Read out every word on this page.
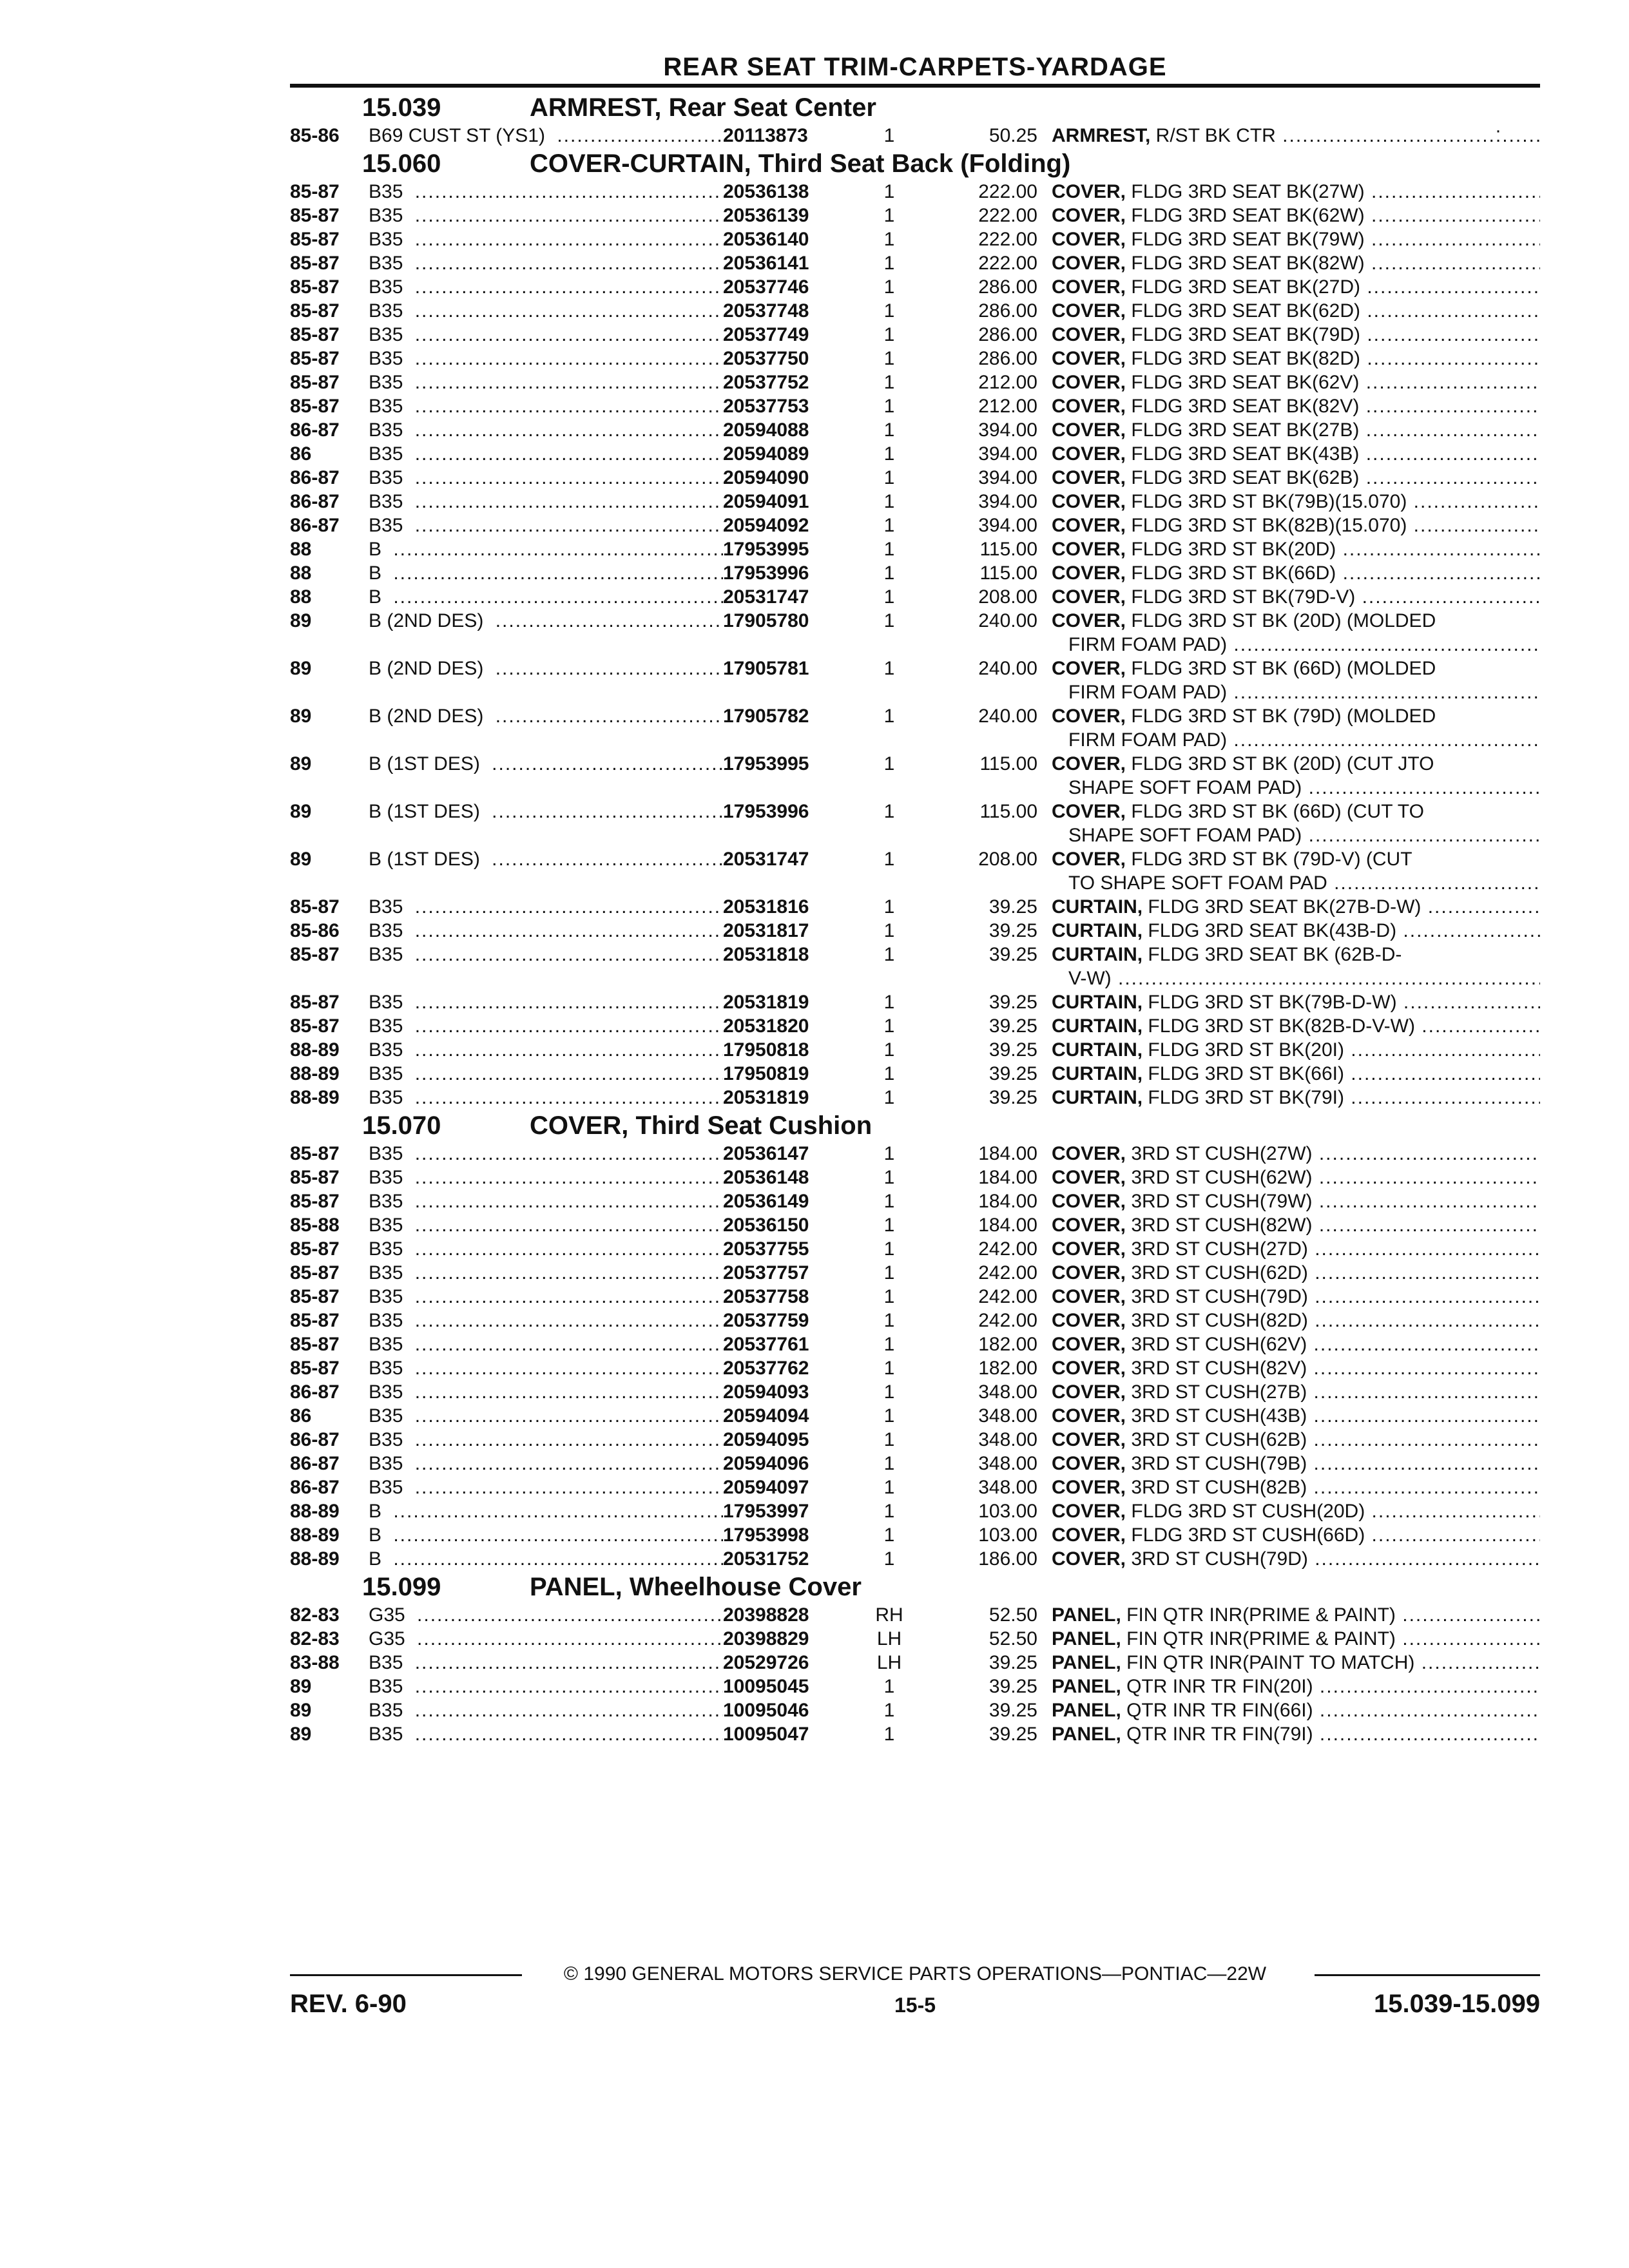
REAR SEAT TRIM-CARPETS-YARDAGE
15.039	ARMREST, Rear Seat Center
85-86	B69 CUST ST (YS1) .....	20113873	1	50.25 ARMREST, R/ST BK CTR .....
15.060	COVER-CURTAIN, Third Seat Back (Folding)
85-87	B35 .....	20536138	1	222.00 COVER, FLDG 3RD SEAT BK(27W) .....
85-87	B35 .....	20536139	1	222.00 COVER, FLDG 3RD SEAT BK(62W) .....
85-87	B35 .....	20536140	1	222.00 COVER, FLDG 3RD SEAT BK(79W) .....
85-87	B35 .....	20536141	1	222.00 COVER, FLDG 3RD SEAT BK(82W) .....
85-87	B35 .....	20537746	1	286.00 COVER, FLDG 3RD SEAT BK(27D) .....
85-87	B35 .....	20537748	1	286.00 COVER, FLDG 3RD SEAT BK(62D) .....
85-87	B35 .....	20537749	1	286.00 COVER, FLDG 3RD SEAT BK(79D) .....
85-87	B35 .....	20537750	1	286.00 COVER, FLDG 3RD SEAT BK(82D) .....
85-87	B35 .....	20537752	1	212.00 COVER, FLDG 3RD SEAT BK(62V) .....
85-87	B35 .....	20537753	1	212.00 COVER, FLDG 3RD SEAT BK(82V) .....
86-87	B35 .....	20594088	1	394.00 COVER, FLDG 3RD SEAT BK(27B) .....
86	B35 .....	20594089	1	394.00 COVER, FLDG 3RD SEAT BK(43B) .....
86-87	B35 .....	20594090	1	394.00 COVER, FLDG 3RD SEAT BK(62B) .....
86-87	B35 .....	20594091	1	394.00 COVER, FLDG 3RD ST BK(79B)(15.070) .....
86-87	B35 .....	20594092	1	394.00 COVER, FLDG 3RD ST BK(82B)(15.070) .....
88	B .....	17953995	1	115.00 COVER, FLDG 3RD ST BK(20D) .....
88	B .....	17953996	1	115.00 COVER, FLDG 3RD ST BK(66D) .....
88	B .....	20531747	1	208.00 COVER, FLDG 3RD ST BK(79D-V) .....
89	B (2ND DES) .....	17905780	1	240.00 COVER, FLDG 3RD ST BK (20D) (MOLDED
FIRM FOAM PAD) .....
89	B (2ND DES) .....	17905781	1	240.00 COVER, FLDG 3RD ST BK (66D) (MOLDED
FIRM FOAM PAD) .....
89	B (2ND DES) .....	17905782	1	240.00 COVER, FLDG 3RD ST BK (79D) (MOLDED
FIRM FOAM PAD) .....
89	B (1ST DES) .....	17953995	1	115.00 COVER, FLDG 3RD ST BK (20D) (CUT JTO
SHAPE SOFT FOAM PAD) .....
89	B (1ST DES) .....	17953996	1	115.00 COVER, FLDG 3RD ST BK (66D) (CUT TO
SHAPE SOFT FOAM PAD) .....
89	B (1ST DES) .....	20531747	1	208.00 COVER, FLDG 3RD ST BK (79D-V) (CUT
TO SHAPE SOFT FOAM PAD .....
85-87	B35 .....	20531816	1	39.25 CURTAIN, FLDG 3RD SEAT BK(27B-D-W) .....
85-86	B35 .....	20531817	1	39.25 CURTAIN, FLDG 3RD SEAT BK(43B-D) .....
85-87	B35 .....	20531818	1	39.25 CURTAIN, FLDG 3RD SEAT BK (62B-D-
V-W) .....
85-87	B35 .....	20531819	1	39.25 CURTAIN, FLDG 3RD ST BK(79B-D-W) .....
85-87	B35 .....	20531820	1	39.25 CURTAIN, FLDG 3RD ST BK(82B-D-V-W) .....
88-89	B35 .....	17950818	1	39.25 CURTAIN, FLDG 3RD ST BK(20I) .....
88-89	B35 .....	17950819	1	39.25 CURTAIN, FLDG 3RD ST BK(66I) .....
88-89	B35 .....	20531819	1	39.25 CURTAIN, FLDG 3RD ST BK(79I) .....
15.070	COVER, Third Seat Cushion
85-87	B35 .....	20536147	1	184.00 COVER, 3RD ST CUSH(27W) .....
85-87	B35 .....	20536148	1	184.00 COVER, 3RD ST CUSH(62W) .....
85-87	B35 .....	20536149	1	184.00 COVER, 3RD ST CUSH(79W) .....
85-88	B35 .....	20536150	1	184.00 COVER, 3RD ST CUSH(82W) .....
85-87	B35 .....	20537755	1	242.00 COVER, 3RD ST CUSH(27D) .....
85-87	B35 .....	20537757	1	242.00 COVER, 3RD ST CUSH(62D) .....
85-87	B35 .....	20537758	1	242.00 COVER, 3RD ST CUSH(79D) .....
85-87	B35 .....	20537759	1	242.00 COVER, 3RD ST CUSH(82D) .....
85-87	B35 .....	20537761	1	182.00 COVER, 3RD ST CUSH(62V) .....
85-87	B35 .....	20537762	1	182.00 COVER, 3RD ST CUSH(82V) .....
86-87	B35 .....	20594093	1	348.00 COVER, 3RD ST CUSH(27B) .....
86	B35 .....	20594094	1	348.00 COVER, 3RD ST CUSH(43B) .....
86-87	B35 .....	20594095	1	348.00 COVER, 3RD ST CUSH(62B) .....
86-87	B35 .....	20594096	1	348.00 COVER, 3RD ST CUSH(79B) .....
86-87	B35 .....	20594097	1	348.00 COVER, 3RD ST CUSH(82B) .....
88-89	B .....	17953997	1	103.00 COVER, FLDG 3RD ST CUSH(20D) .....
88-89	B .....	17953998	1	103.00 COVER, FLDG 3RD ST CUSH(66D) .....
88-89	B .....	20531752	1	186.00 COVER, 3RD ST CUSH(79D) .....
15.099	PANEL, Wheelhouse Cover
82-83	G35 .....	20398828	RH	52.50 PANEL, FIN QTR INR(PRIME & PAINT) .....
82-83	G35 .....	20398829	LH	52.50 PANEL, FIN QTR INR(PRIME & PAINT) .....
83-88	B35 .....	20529726	LH	39.25 PANEL, FIN QTR INR(PAINT TO MATCH) .....
89	B35 .....	10095045	1	39.25 PANEL, QTR INR TR FIN(20I) .....
89	B35 .....	10095046	1	39.25 PANEL, QTR INR TR FIN(66I) .....
89	B35 .....	10095047	1	39.25 PANEL, QTR INR TR FIN(79I) .....
·
© 1990 GENERAL MOTORS SERVICE PARTS OPERATIONS—PONTIAC—22W
REV. 6-90	15-5	15.039-15.099
